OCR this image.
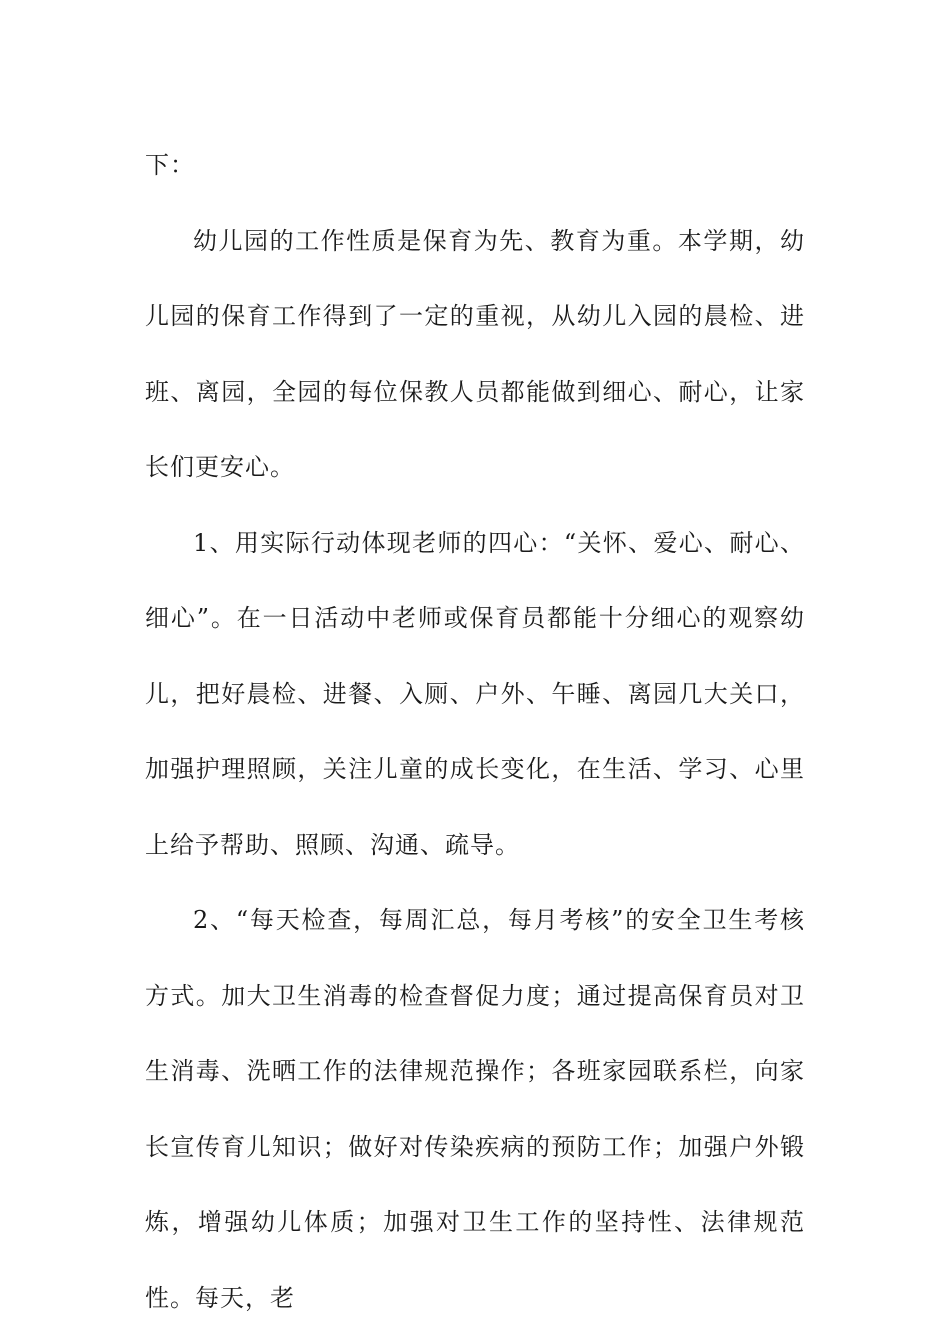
下：

幼儿园的工作性质是保育为先、教育为重。本学期，幼儿园的保育工作得到了一定的重视，从幼儿入园的晨检、进班、离园，全园的每位保教人员都能做到细心、耐心，让家长们更安心。

1、用实际行动体现老师的四心：“关怀、爱心、耐心、细心”。在一日活动中老师或保育员都能十分细心的观察幼儿，把好晨检、进餐、入厕、户外、午睡、离园几大关口，加强护理照顾，关注儿童的成长变化，在生活、学习、心里上给予帮助、照顾、沟通、疏导。

2、“每天检查，每周汇总，每月考核”的安全卫生考核方式。加大卫生消毒的检查督促力度；通过提高保育员对卫生消毒、洗晒工作的法律规范操作；各班家园联系栏，向家长宣传育儿知识；做好对传染疾病的预防工作；加强户外锻炼，增强幼儿体质；加强对卫生工作的坚持性、法律规范性。每天，老
